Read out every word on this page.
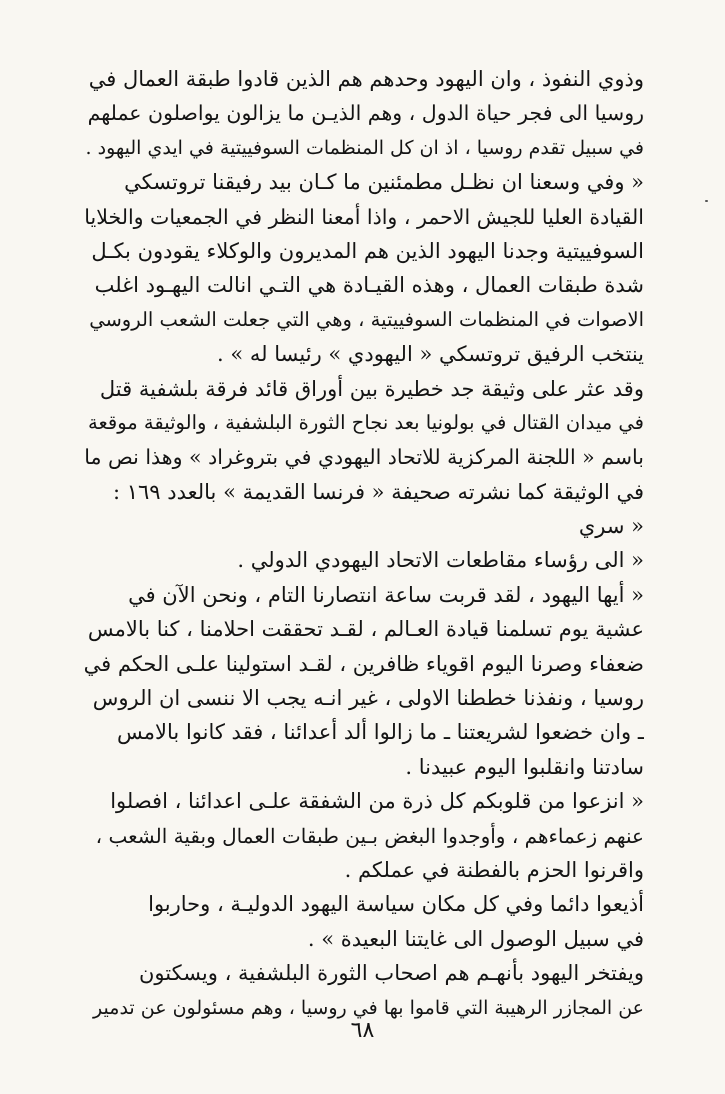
وذوي النفوذ ، وان اليهود وحدهم هم الذين قادوا طبقة العمال في
روسيا الى فجر حياة الدول ، وهم الذيـن ما يزالون يواصلون عملهم
في سبيل تقدم روسيا ، اذ ان كل المنظمات السوفييتية في ايدي اليهود .
« وفي وسعنا ان نظـل مطمئنين ما كـان بيد رفيقنا تروتسكي
القيادة العليا للجيش الاحمر ، واذا أمعنا النظر في الجمعيات والخلايا
السوفييتية وجدنا اليهود الذين هم المديرون والوكلاء يقودون بكـل
شدة طبقات العمال ، وهذه القيـادة هي التـي انالت اليهـود اغلب
الاصوات في المنظمات السوفييتية ، وهي التي جعلت الشعب الروسي
ينتخب الرفيق تروتسكي « اليهودي » رئيسا له » .
وقد عثر على وثيقة جد خطيرة بين أوراق قائد فرقة بلشفية قتل
في ميدان القتال في بولونيا بعد نجاح الثورة البلشفية ، والوثيقة موقعة
باسم « اللجنة المركزية للاتحاد اليهودي في بتروغراد » وهذا نص ما
في الوثيقة كما نشرته صحيفة « فرنسا القديمة » بالعدد ١٦٩ :
« سري
« الى رؤساء مقاطعات الاتحاد اليهودي الدولي .
« أيها اليهود ، لقد قربت ساعة انتصارنا التام ، ونحن الآن في
عشية يوم تسلمنا قيادة العـالم ، لقـد تحققت احلامنا ، كنا بالامس
ضعفاء وصرنا اليوم اقوياء ظافرين ، لقـد استولينا علـى الحكم في
روسيا ، ونفذنا خططنا الاولى ، غير انـه يجب الا ننسى ان الروس
ـ وان خضعوا لشريعتنا ـ ما زالوا ألد أعدائنا ، فقد كانوا بالامس
سادتنا وانقلبوا اليوم عبيدنا .
« انزعوا من قلوبكم كل ذرة من الشفقة علـى اعدائنا ، افصلوا
عنهم زعماءهم ، وأوجدوا البغض بـين طبقات العمال وبقية الشعب ،
واقرنوا الحزم بالفطنة في عملكم .
أذيعوا دائما وفي كل مكان سياسة اليهود الدوليـة ، وحاربوا
في سبيل الوصول الى غايتنا البعيدة » .
ويفتخر اليهود بأنهـم هم اصحاب الثورة البلشفية ، ويسكتون
عن المجازر الرهيبة التي قاموا بها في روسيا ، وهم مسئولون عن تدمير
٦٨
